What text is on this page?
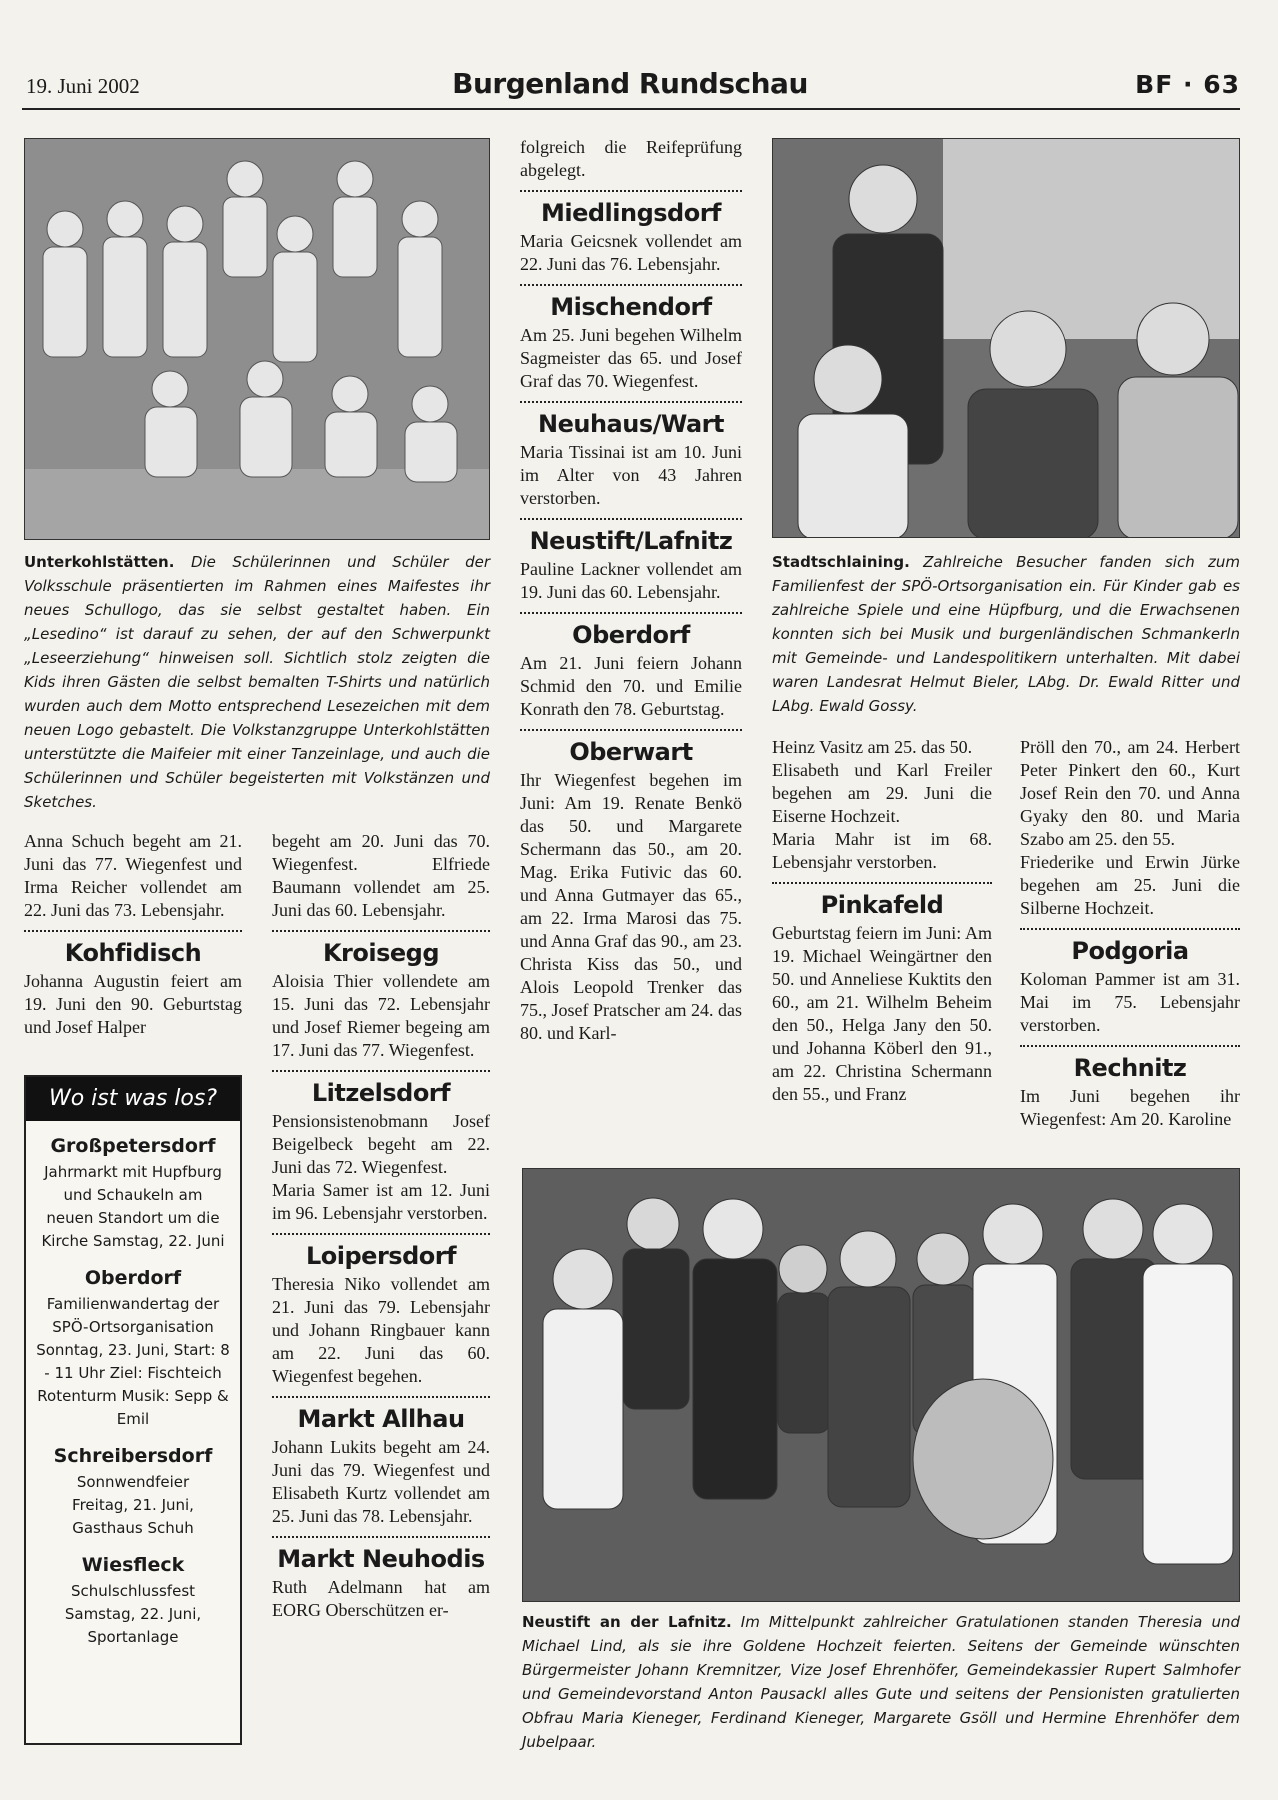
19. Juni 2002	Burgenland Rundschau	BF · 63
Unterkohlstätten. Die Schülerinnen und Schüler der Volksschule präsentierten im Rahmen eines Maifestes ihr neues Schullogo, das sie selbst gestaltet haben. Ein „Lesedino“ ist darauf zu sehen, der auf den Schwerpunkt „Leseerziehung“ hinweisen soll. Sichtlich stolz zeigten die Kids ihren Gästen die selbst bemalten T-Shirts und natürlich wurden auch dem Motto entsprechend Lesezeichen mit dem neuen Logo gebastelt. Die Volkstanzgruppe Unterkohlstätten unterstützte die Maifeier mit einer Tanzeinlage, und auch die Schülerinnen und Schüler begeisterten mit Volkstänzen und Sketches.

Anna Schuch begeht am 21. Juni das 77. Wiegenfest und Irma Reicher vollendet am 22. Juni das 73. Lebensjahr.

Kohfidisch

Johanna Augustin feiert am 19. Juni den 90. Geburtstag und Josef Halper

Wo ist was los?
Großpetersdorf
Jahrmarkt mit Hupfburg und Schaukeln am neuen Standort um die Kirche Samstag, 22. Juni
Oberdorf
Familienwandertag der SPÖ-Ortsorganisation Sonntag, 23. Juni, Start: 8 - 11 Uhr Ziel: Fischteich Rotenturm Musik: Sepp & Emil
Schreibersdorf
Sonnwendfeier Freitag, 21. Juni, Gasthaus Schuh
Wiesfleck
Schulschlussfest Samstag, 22. Juni, Sportanlage

begeht am 20. Juni das 70. Wiegenfest. Elfriede Baumann vollendet am 25. Juni das 60. Lebensjahr.

Kroisegg

Aloisia Thier vollendete am 15. Juni das 72. Lebensjahr und Josef Riemer begeing am 17. Juni das 77. Wiegenfest.

Litzelsdorf

Pensionsistenobmann Josef Beigelbeck begeht am 22. Juni das 72. Wiegenfest.

Maria Samer ist am 12. Juni im 96. Lebensjahr verstorben.

Loipersdorf

Theresia Niko vollendet am 21. Juni das 79. Lebensjahr und Johann Ringbauer kann am 22. Juni das 60. Wiegenfest begehen.

Markt Allhau

Johann Lukits begeht am 24. Juni das 79. Wiegenfest und Elisabeth Kurtz vollendet am 25. Juni das 78. Lebensjahr.

Markt Neuhodis

Ruth Adelmann hat am EORG Oberschützen er-

folgreich die Reifeprüfung abgelegt.

Miedlingsdorf

Maria Geicsnek vollendet am 22. Juni das 76. Lebensjahr.

Mischendorf

Am 25. Juni begehen Wilhelm Sagmeister das 65. und Josef Graf das 70. Wiegenfest.

Neuhaus/Wart

Maria Tissinai ist am 10. Juni im Alter von 43 Jahren verstorben.

Neustift/Lafnitz

Pauline Lackner vollendet am 19. Juni das 60. Lebensjahr.

Oberdorf

Am 21. Juni feiern Johann Schmid den 70. und Emilie Konrath den 78. Geburtstag.

Oberwart

Ihr Wiegenfest begehen im Juni: Am 19. Renate Benkö das 50. und Margarete Schermann das 50., am 20. Mag. Erika Futivic das 60. und Anna Gutmayer das 65., am 22. Irma Marosi das 75. und Anna Graf das 90., am 23. Christa Kiss das 50., und Alois Leopold Trenker das 75., Josef Pratscher am 24. das 80. und Karl-

Stadtschlaining. Zahlreiche Besucher fanden sich zum Familienfest der SPÖ-Ortsorganisation ein. Für Kinder gab es zahlreiche Spiele und eine Hüpfburg, und die Erwachsenen konnten sich bei Musik und burgenländischen Schmankerln mit Gemeinde- und Landespolitikern unterhalten. Mit dabei waren Landesrat Helmut Bieler, LAbg. Dr. Ewald Ritter und LAbg. Ewald Gossy.

Heinz Vasitz am 25. das 50.

Elisabeth und Karl Freiler begehen am 29. Juni die Eiserne Hochzeit.

Maria Mahr ist im 68. Lebensjahr verstorben.

Pinkafeld

Geburtstag feiern im Juni: Am 19. Michael Weingärtner den 50. und Anneliese Kuktits den 60., am 21. Wilhelm Beheim den 50., Helga Jany den 50. und Johanna Köberl den 91., am 22. Christina Schermann den 55., und Franz

Pröll den 70., am 24. Herbert Peter Pinkert den 60., Kurt Josef Rein den 70. und Anna Gyaky den 80. und Maria Szabo am 25. den 55.

Friederike und Erwin Jürke begehen am 25. Juni die Silberne Hochzeit.

Podgoria

Koloman Pammer ist am 31. Mai im 75. Lebensjahr verstorben.

Rechnitz

Im Juni begehen ihr Wiegenfest: Am 20. Karoline

Neustift an der Lafnitz. Im Mittelpunkt zahlreicher Gratulationen standen Theresia und Michael Lind, als sie ihre Goldene Hochzeit feierten. Seitens der Gemeinde wünschten Bürgermeister Johann Kremnitzer, Vize Josef Ehrenhöfer, Gemeindekassier Rupert Salmhofer und Gemeindevorstand Anton Pausackl alles Gute und seitens der Pensionisten gratulierten Obfrau Maria Kieneger, Ferdinand Kieneger, Margarete Gsöll und Hermine Ehrenhöfer dem Jubelpaar.
